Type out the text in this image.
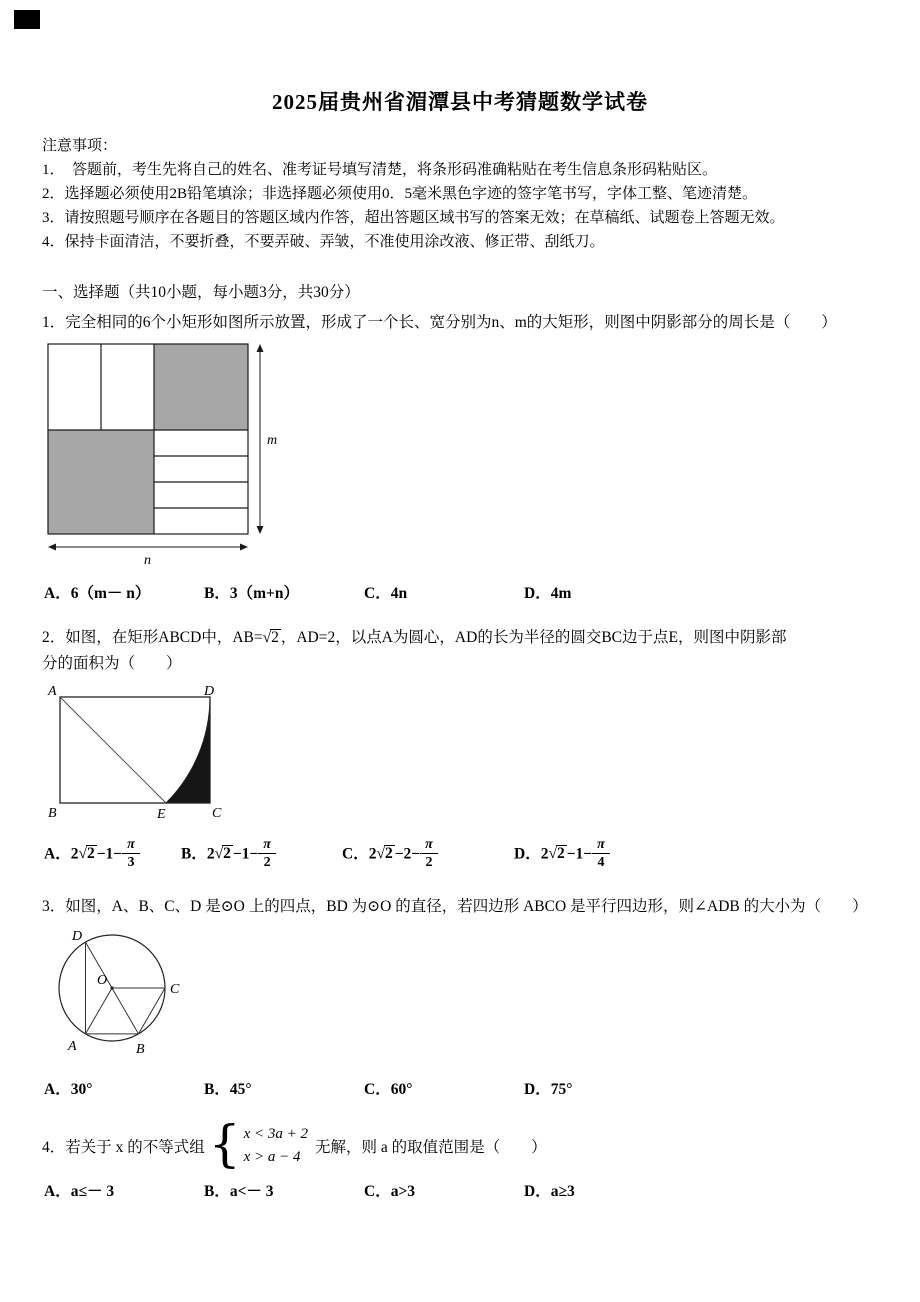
2025届贵州省湄潭县中考猜题数学试卷
注意事项：
1．　答题前，考生先将自己的姓名、准考证号填写清楚，将条形码准确粘贴在考生信息条形码粘贴区。
2．选择题必须使用2B铅笔填涂；非选择题必须使用0．5毫米黑色字迹的签字笔书写，字体工整、笔迹清楚。
3．请按照题号顺序在各题目的答题区域内作答，超出答题区域书写的答案无效；在草稿纸、试题卷上答题无效。
4．保持卡面清洁，不要折叠，不要弄破、弄皱，不准使用涂改液、修正带、刮纸刀。
一、选择题（共10小题，每小题3分，共30分）
1．完全相同的6个小矩形如图所示放置，形成了一个长、宽分别为n、m的大矩形，则图中阴影部分的周长是（　　）
m
n
A．6（m－ n）	B．3（m+n）	C．4n	D．4m
2．如图，在矩形ABCD中，AB=√2 ，AD=2，以点A为圆心，AD的长为半径的圆交BC边于点E，则图中阴影部
分的面积为（　　）
A	D
B	C
E
A．$2√2 -1- \frac{\pi}{3}$	B．$2√2 -1- \frac{\pi}{2}$	C．$2√2 -2- \frac{\pi}{2}$	D．$2√2 -1- \frac{\pi}{4}$
3．如图，A、B、C、D 是⊙O 上的四点，BD 为⊙O 的直径，若四边形 ABCO 是平行四边形，则∠ADB 的大小为（　　）
D
O
C
A	B
A．30°	B．45°	C．60°	D．75°
4．若关于 x 的不等式组 { x < 3a + 2
x > a − 4
无解，则 a 的取值范围是（　　）
A．a≤－ 3	B．a<－ 3	C．a>3	D．a≥3
